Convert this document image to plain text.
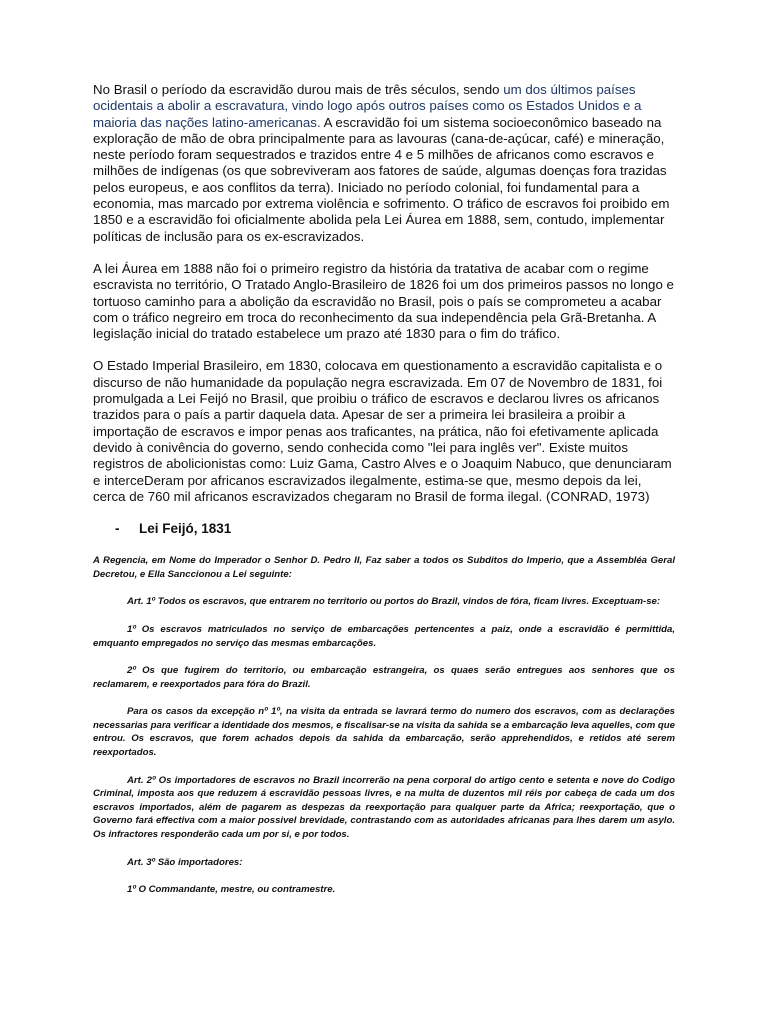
No Brasil o período da escravidão durou mais de três séculos, sendo um dos últimos países ocidentais a abolir a escravatura, vindo logo após outros países como os Estados Unidos e a maioria das nações latino-americanas. A escravidão foi um sistema socioeconômico baseado na exploração de mão de obra principalmente para as lavouras (cana-de-açúcar, café) e mineração, neste período foram sequestrados e trazidos entre 4 e 5 milhões de africanos como escravos e milhões de indígenas (os que sobreviveram aos fatores de saúde, algumas doenças fora trazidas pelos europeus, e aos conflitos da terra). Iniciado no período colonial, foi fundamental para a economia, mas marcado por extrema violência e sofrimento. O tráfico de escravos foi proibido em 1850 e a escravidão foi oficialmente abolida pela Lei Áurea em 1888, sem, contudo, implementar políticas de inclusão para os ex-escravizados.

A lei Áurea em 1888 não foi o primeiro registro da história da tratativa de acabar com o regime escravista no território, O Tratado Anglo-Brasileiro de 1826 foi um dos primeiros passos no longo e tortuoso caminho para a abolição da escravidão no Brasil, pois o país se comprometeu a acabar com o tráfico negreiro em troca do reconhecimento da sua independência pela Grã-Bretanha. A legislação inicial do tratado estabelece um prazo até 1830 para o fim do tráfico.

O Estado Imperial Brasileiro, em 1830, colocava em questionamento a escravidão capitalista e o discurso de não humanidade da população negra escravizada. Em 07 de Novembro de 1831, foi promulgada a Lei Feijó no Brasil, que proibiu o tráfico de escravos e declarou livres os africanos trazidos para o país a partir daquela data. Apesar de ser a primeira lei brasileira a proibir a importação de escravos e impor penas aos traficantes, na prática, não foi efetivamente aplicada devido à conivência do governo, sendo conhecida como "lei para inglês ver". Existe muitos registros de abolicionistas como: Luiz Gama, Castro Alves e o Joaquim Nabuco, que denunciaram e interceDeram por africanos escravizados ilegalmente, estima-se que, mesmo depois da lei, cerca de 760 mil africanos escravizados chegaram no Brasil de forma ilegal. (CONRAD, 1973)

-	Lei Feijó, 1831

A Regencia, em Nome do Imperador o Senhor D. Pedro II, Faz saber a todos os Subditos do Imperio, que a Assembléa Geral Decretou, e Ella Sanccionou a Lei seguinte:

Art. 1º Todos os escravos, que entrarem no territorio ou portos do Brazil, vindos de fóra, ficam livres. Exceptuam-se:

1º Os escravos matriculados no serviço de embarcações pertencentes a paiz, onde a escravidão é permittida, emquanto empregados no serviço das mesmas embarcações.

2º Os que fugirem do territorio, ou embarcação estrangeira, os quaes serão entregues aos senhores que os reclamarem, e reexportados para fóra do Brazil.

Para os casos da excepção nº 1º, na visita da entrada se lavrará termo do numero dos escravos, com as declarações necessarias para verificar a identidade dos mesmos, e fiscalisar-se na visita da sahida se a embarcação leva aquelles, com que entrou. Os escravos, que forem achados depois da sahida da embarcação, serão apprehendidos, e retidos até serem reexportados.

Art. 2º Os importadores de escravos no Brazil incorrerão na pena corporal do artigo cento e setenta e nove do Codigo Criminal, imposta aos que reduzem á escravidão pessoas livres, e na multa de duzentos mil réis por cabeça de cada um dos escravos importados, além de pagarem as despezas da reexportação para qualquer parte da Africa; reexportação, que o Governo fará effectiva com a maior possivel brevidade, contrastando com as autoridades africanas para lhes darem um asylo. Os infractores responderão cada um por si, e por todos.

Art. 3º São importadores:

1º O Commandante, mestre, ou contramestre.
